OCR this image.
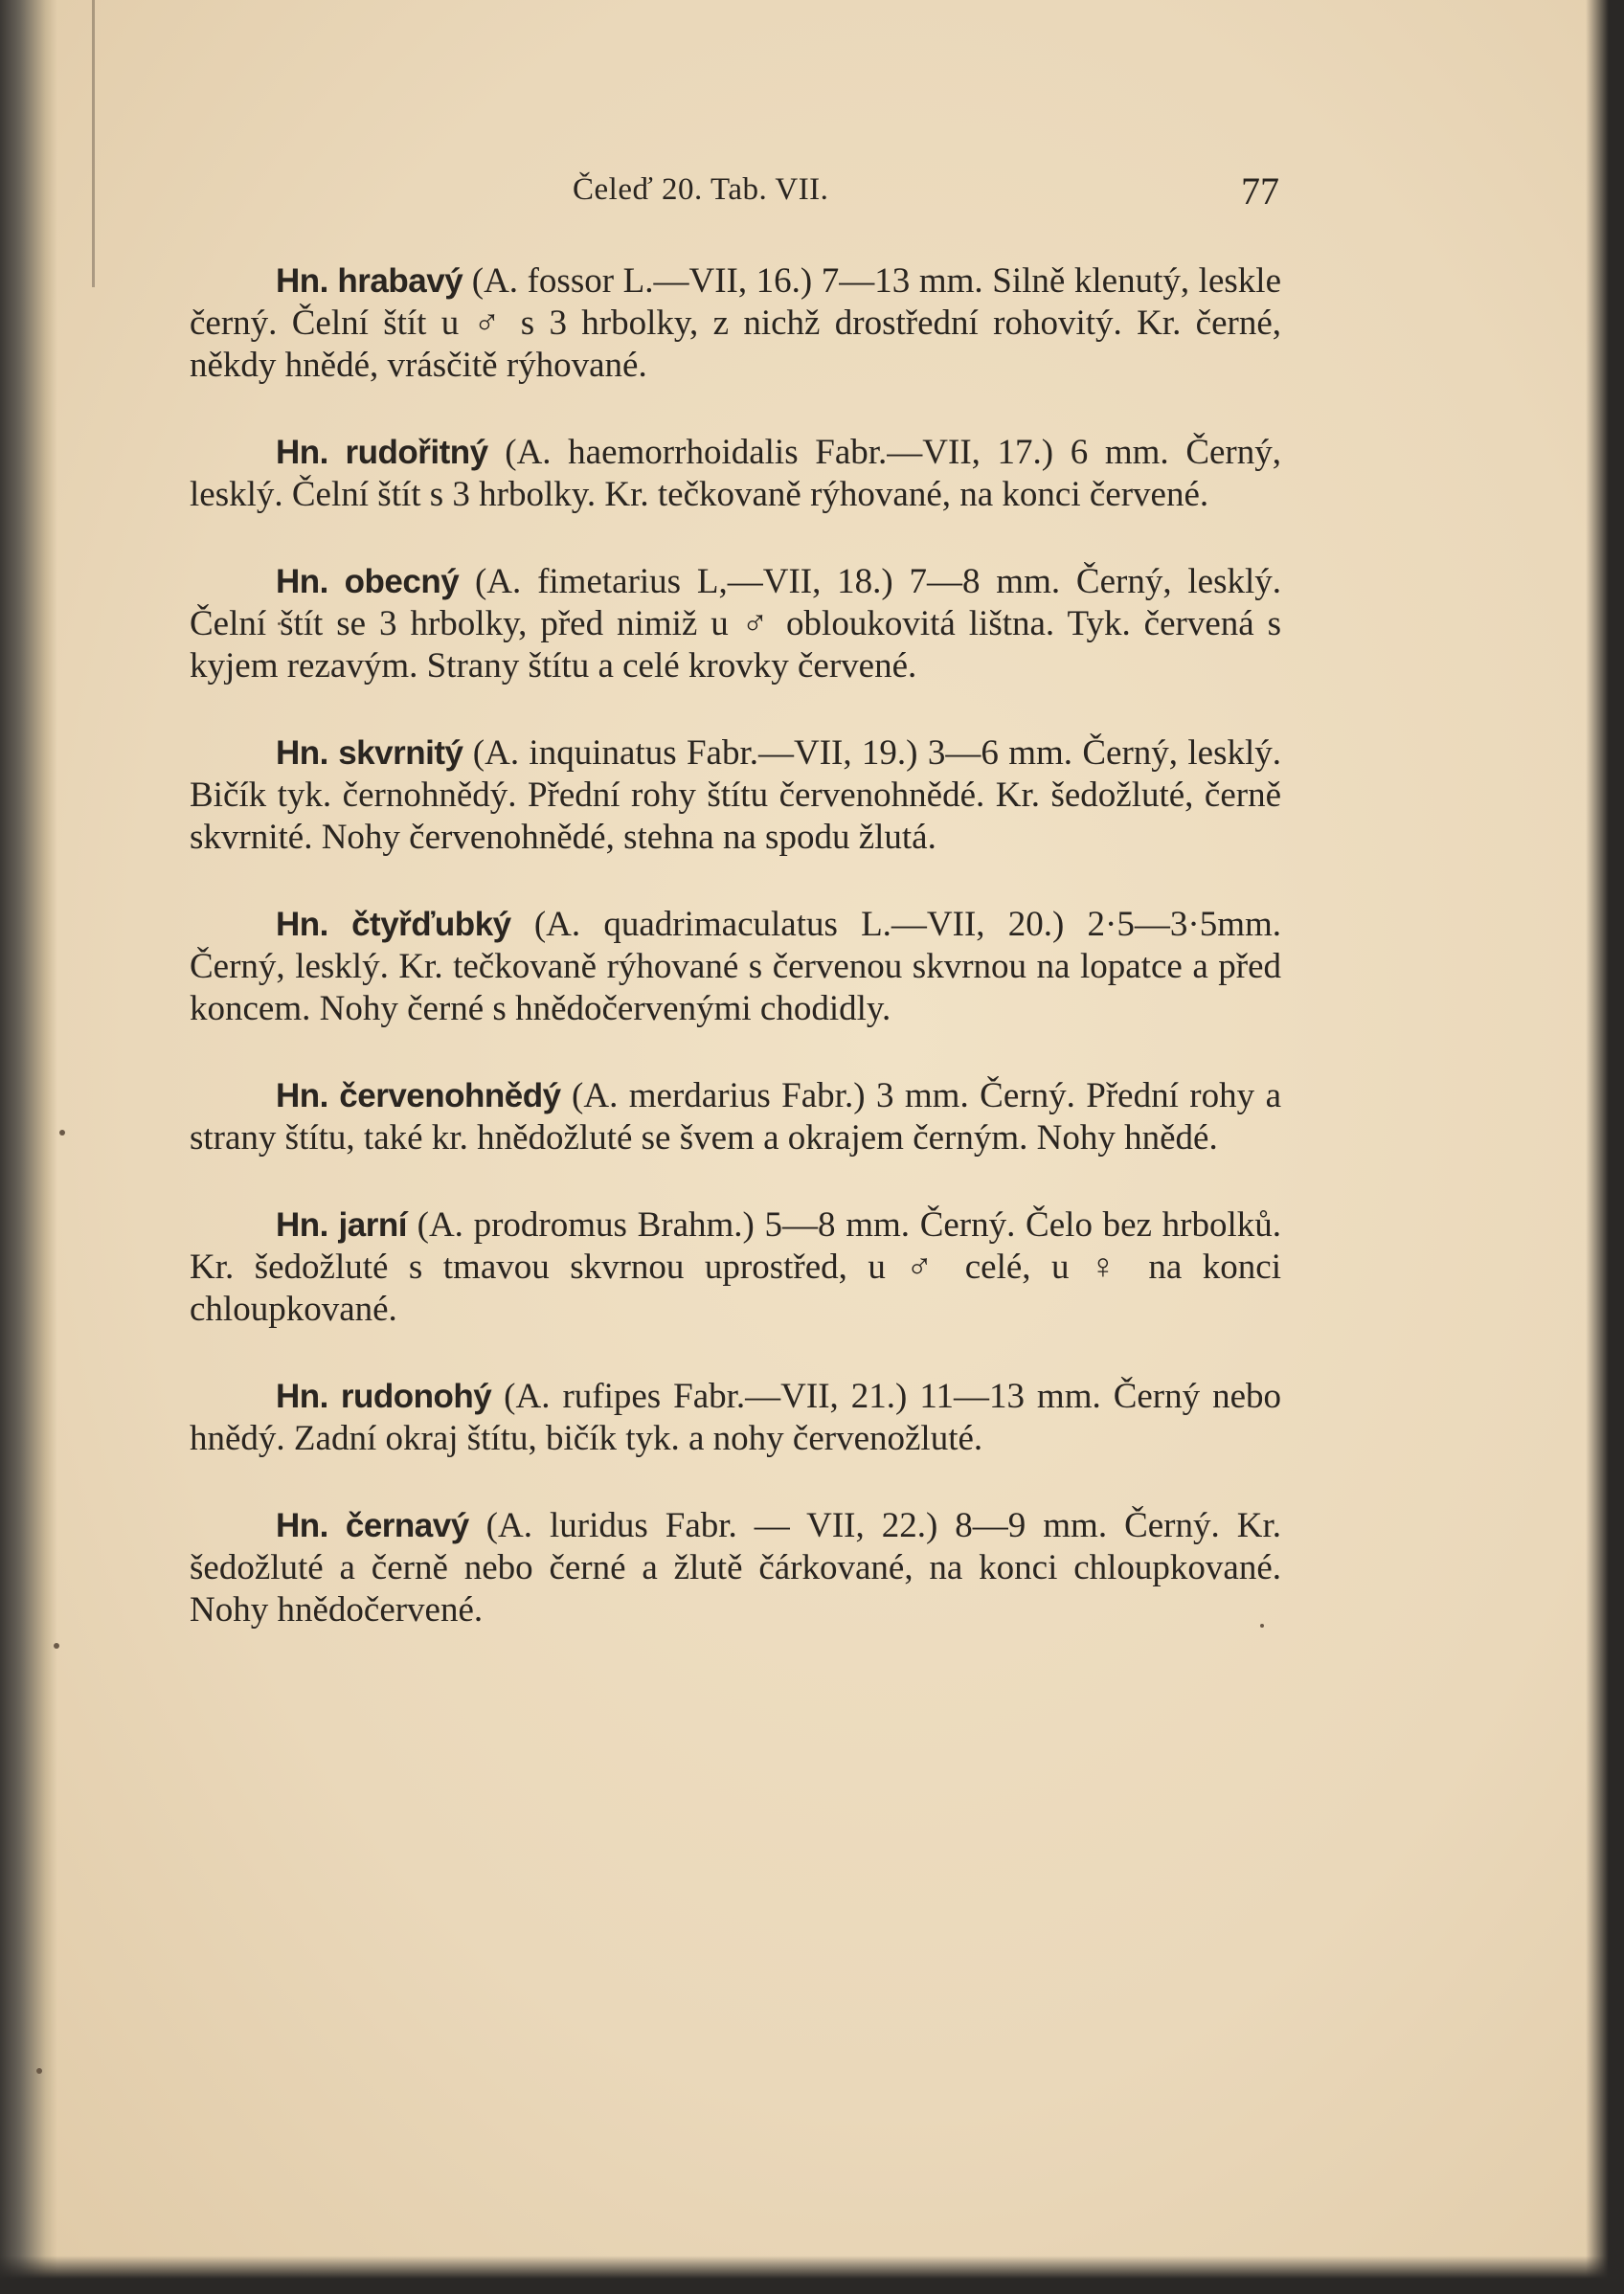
Čeleď 20. Tab. VII.	77

Hn. hrabavý (A. fossor L.—VII, 16.) 7—13 mm. Silně klenutý, leskle černý. Čelní štít u ♂ s 3 hrbolky, z nichž drostřední rohovitý. Kr. černé, někdy hnědé, vrásčitě rýhované.

Hn. rudořitný (A. haemorrhoidalis Fabr.—VII, 17.) 6 mm. Černý, lesklý. Čelní štít s 3 hrbolky. Kr. tečkovaně rýhované, na konci červené.

Hn. obecný (A. fimetarius L,—VII, 18.) 7—8 mm. Černý, lesklý. Čelní štít se 3 hrbolky, před nimiž u ♂ obloukovitá lištna. Tyk. červená s kyjem rezavým. Strany štítu a celé krovky červené.

Hn. skvrnitý (A. inquinatus Fabr.—VII, 19.) 3—6 mm. Černý, lesklý. Bičík tyk. černohnědý. Přední rohy štítu červenohnědé. Kr. šedožluté, černě skvrnité. Nohy červenohnědé, stehna na spodu žlutá.

Hn. čtyřďubký (A. quadrimaculatus L.—VII, 20.) 2·5—3·5mm. Černý, lesklý. Kr. tečkovaně rýhované s červenou skvrnou na lopatce a před koncem. Nohy černé s hnědočervenými chodidly.

Hn. červenohnědý (A. merdarius Fabr.) 3 mm. Černý. Přední rohy a strany štítu, také kr. hnědožluté se švem a okrajem černým. Nohy hnědé.

Hn. jarní (A. prodromus Brahm.) 5—8 mm. Černý. Čelo bez hrbolků. Kr. šedožluté s tmavou skvrnou uprostřed, u ♂ celé, u ♀ na konci chloupkované.

Hn. rudonohý (A. rufipes Fabr.—VII, 21.) 11—13 mm. Černý nebo hnědý. Zadní okraj štítu, bičík tyk. a nohy červenožluté.

Hn. černavý (A. luridus Fabr. — VII, 22.) 8—9 mm. Černý. Kr. šedožluté a černě nebo černé a žlutě čárkované, na konci chloupkované. Nohy hnědočervené.
